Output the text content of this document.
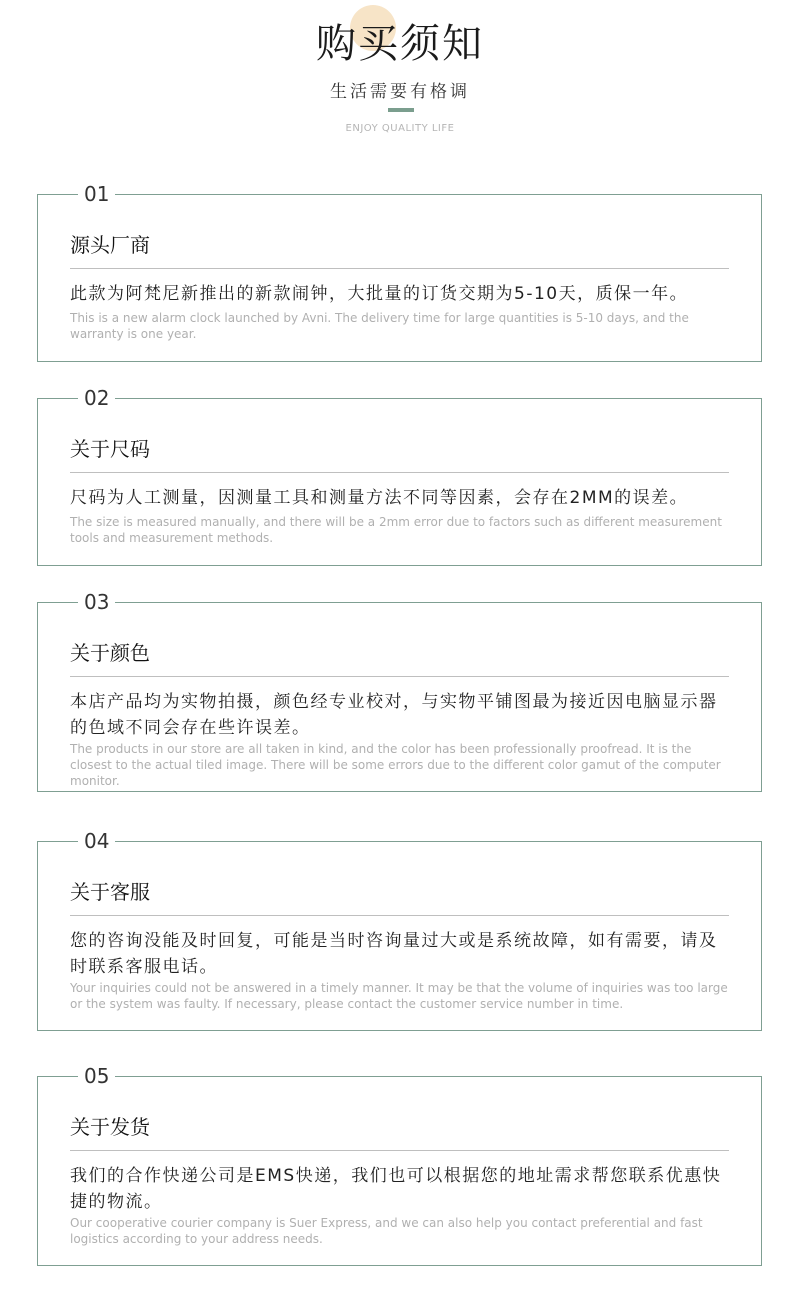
购买须知
生活需要有格调
ENJOY QUALITY LIFE
01
源头厂商
此款为阿梵尼新推出的新款闹钟，大批量的订货交期为5-10天，质保一年。
This is a new alarm clock launched by Avni. The delivery time for large quantities is 5-10 days, and the warranty is one year.
02
关于尺码
尺码为人工测量，因测量工具和测量方法不同等因素，会存在2MM的误差。
The size is measured manually, and there will be a 2mm error due to factors such as different measurement tools and measurement methods.
03
关于颜色
本店产品均为实物拍摄，颜色经专业校对，与实物平铺图最为接近因电脑显示器的色域不同会存在些许误差。
The products in our store are all taken in kind, and the color has been professionally proofread. It is the closest to the actual tiled image. There will be some errors due to the different color gamut of the computer monitor.
04
关于客服
您的咨询没能及时回复，可能是当时咨询量过大或是系统故障，如有需要，请及时联系客服电话。
Your inquiries could not be answered in a timely manner. It may be that the volume of inquiries was too large or the system was faulty. If necessary, please contact the customer service number in time.
05
关于发货
我们的合作快递公司是EMS快递，我们也可以根据您的地址需求帮您联系优惠快捷的物流。
Our cooperative courier company is Suer Express, and we can also help you contact preferential and fast logistics according to your address needs.
